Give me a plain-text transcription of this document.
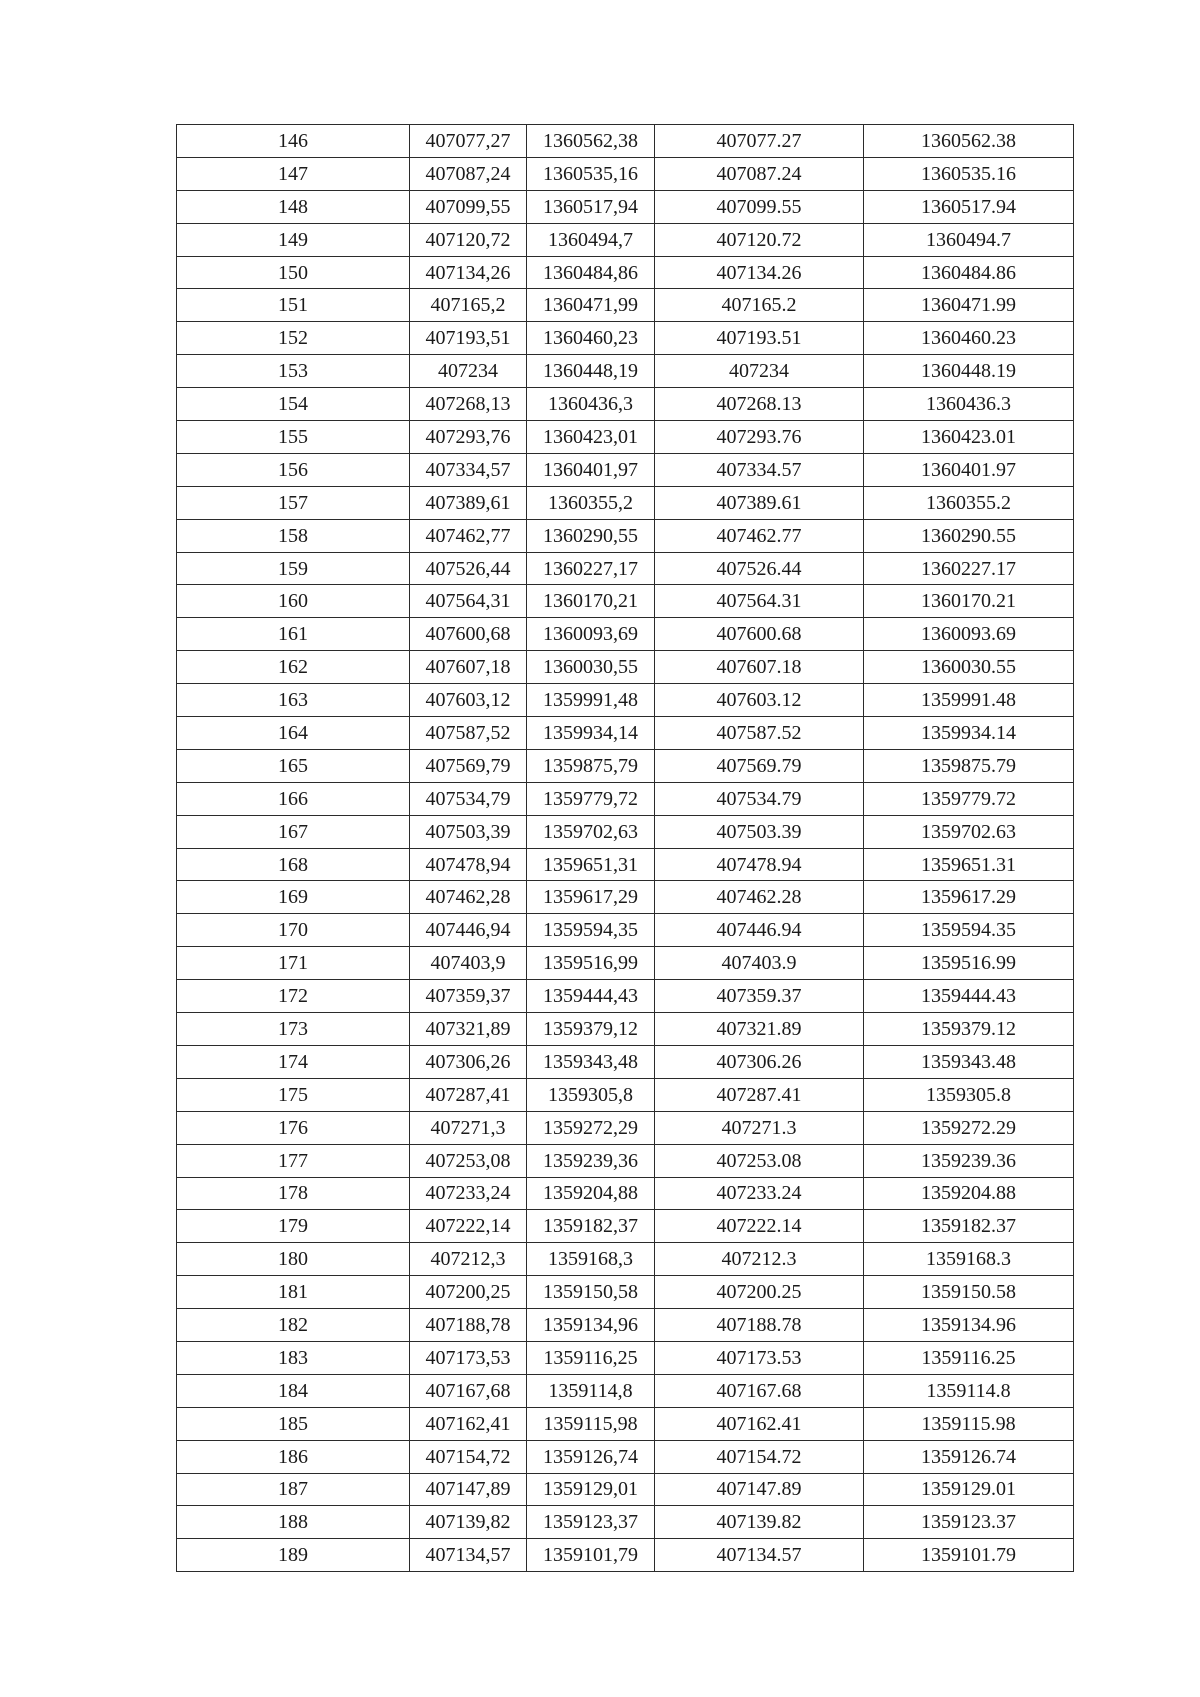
146	407077,27	1360562,38	407077.27	1360562.38
147	407087,24	1360535,16	407087.24	1360535.16
148	407099,55	1360517,94	407099.55	1360517.94
149	407120,72	1360494,7	407120.72	1360494.7
150	407134,26	1360484,86	407134.26	1360484.86
151	407165,2	1360471,99	407165.2	1360471.99
152	407193,51	1360460,23	407193.51	1360460.23
153	407234	1360448,19	407234	1360448.19
154	407268,13	1360436,3	407268.13	1360436.3
155	407293,76	1360423,01	407293.76	1360423.01
156	407334,57	1360401,97	407334.57	1360401.97
157	407389,61	1360355,2	407389.61	1360355.2
158	407462,77	1360290,55	407462.77	1360290.55
159	407526,44	1360227,17	407526.44	1360227.17
160	407564,31	1360170,21	407564.31	1360170.21
161	407600,68	1360093,69	407600.68	1360093.69
162	407607,18	1360030,55	407607.18	1360030.55
163	407603,12	1359991,48	407603.12	1359991.48
164	407587,52	1359934,14	407587.52	1359934.14
165	407569,79	1359875,79	407569.79	1359875.79
166	407534,79	1359779,72	407534.79	1359779.72
167	407503,39	1359702,63	407503.39	1359702.63
168	407478,94	1359651,31	407478.94	1359651.31
169	407462,28	1359617,29	407462.28	1359617.29
170	407446,94	1359594,35	407446.94	1359594.35
171	407403,9	1359516,99	407403.9	1359516.99
172	407359,37	1359444,43	407359.37	1359444.43
173	407321,89	1359379,12	407321.89	1359379.12
174	407306,26	1359343,48	407306.26	1359343.48
175	407287,41	1359305,8	407287.41	1359305.8
176	407271,3	1359272,29	407271.3	1359272.29
177	407253,08	1359239,36	407253.08	1359239.36
178	407233,24	1359204,88	407233.24	1359204.88
179	407222,14	1359182,37	407222.14	1359182.37
180	407212,3	1359168,3	407212.3	1359168.3
181	407200,25	1359150,58	407200.25	1359150.58
182	407188,78	1359134,96	407188.78	1359134.96
183	407173,53	1359116,25	407173.53	1359116.25
184	407167,68	1359114,8	407167.68	1359114.8
185	407162,41	1359115,98	407162.41	1359115.98
186	407154,72	1359126,74	407154.72	1359126.74
187	407147,89	1359129,01	407147.89	1359129.01
188	407139,82	1359123,37	407139.82	1359123.37
189	407134,57	1359101,79	407134.57	1359101.79
